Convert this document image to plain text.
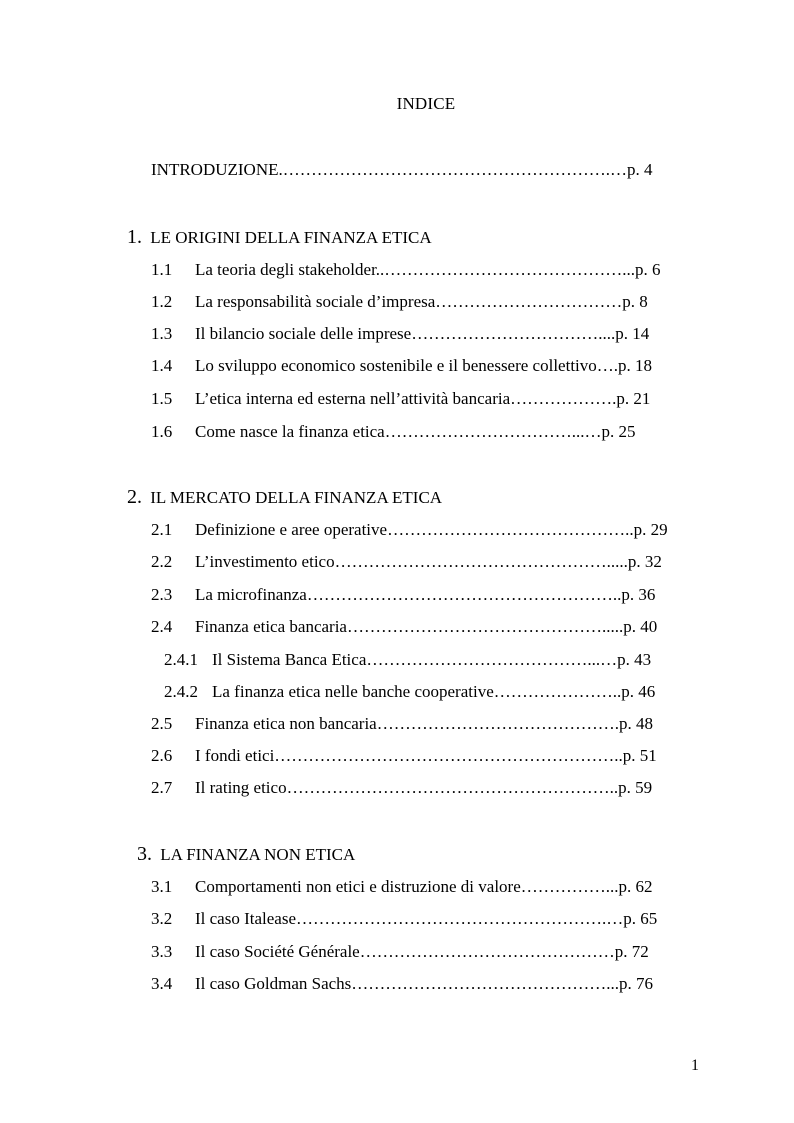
INDICE
INTRODUZIONE.………………………………………………….…p. 4
1. LE ORIGINI DELLA FINANZA ETICA
1.1 La teoria degli stakeholder..……………………………………...p. 6
1.2 La responsabilità sociale d’impresa……………………………p. 8
1.3 Il bilancio sociale delle imprese……………………………....p. 14
1.4 Lo sviluppo economico sostenibile e il benessere collettivo….p. 18
1.5 L’etica interna ed esterna nell’attività bancaria……………….p. 21
1.6 Come nasce la finanza etica……………………………...…p. 25
2. IL MERCATO DELLA FINANZA ETICA
2.1 Definizione e aree operative……………………………………..p. 29
2.2 L’investimento etico………………………………………….....p. 32
2.3 La microfinanza………………………………………………..p. 36
2.4 Finanza etica bancaria……………………………………….....p. 40
2.4.1 Il Sistema Banca Etica…………………………………...…p. 43
2.4.2 La finanza etica nelle banche cooperative…………………..p. 46
2.5 Finanza etica non bancaria…………………………………….p. 48
2.6 I fondi etici……………………………………………………..p. 51
2.7 Il rating etico…………………………………………………..p. 59
3. LA FINANZA NON ETICA
3.1 Comportamenti non etici e distruzione di valore……………...p. 62
3.2 Il caso Italease……………………………………………….…p. 65
3.3 Il caso Société Générale………………………………………p. 72
3.4 Il caso Goldman Sachs………………………………………...p. 76
1
